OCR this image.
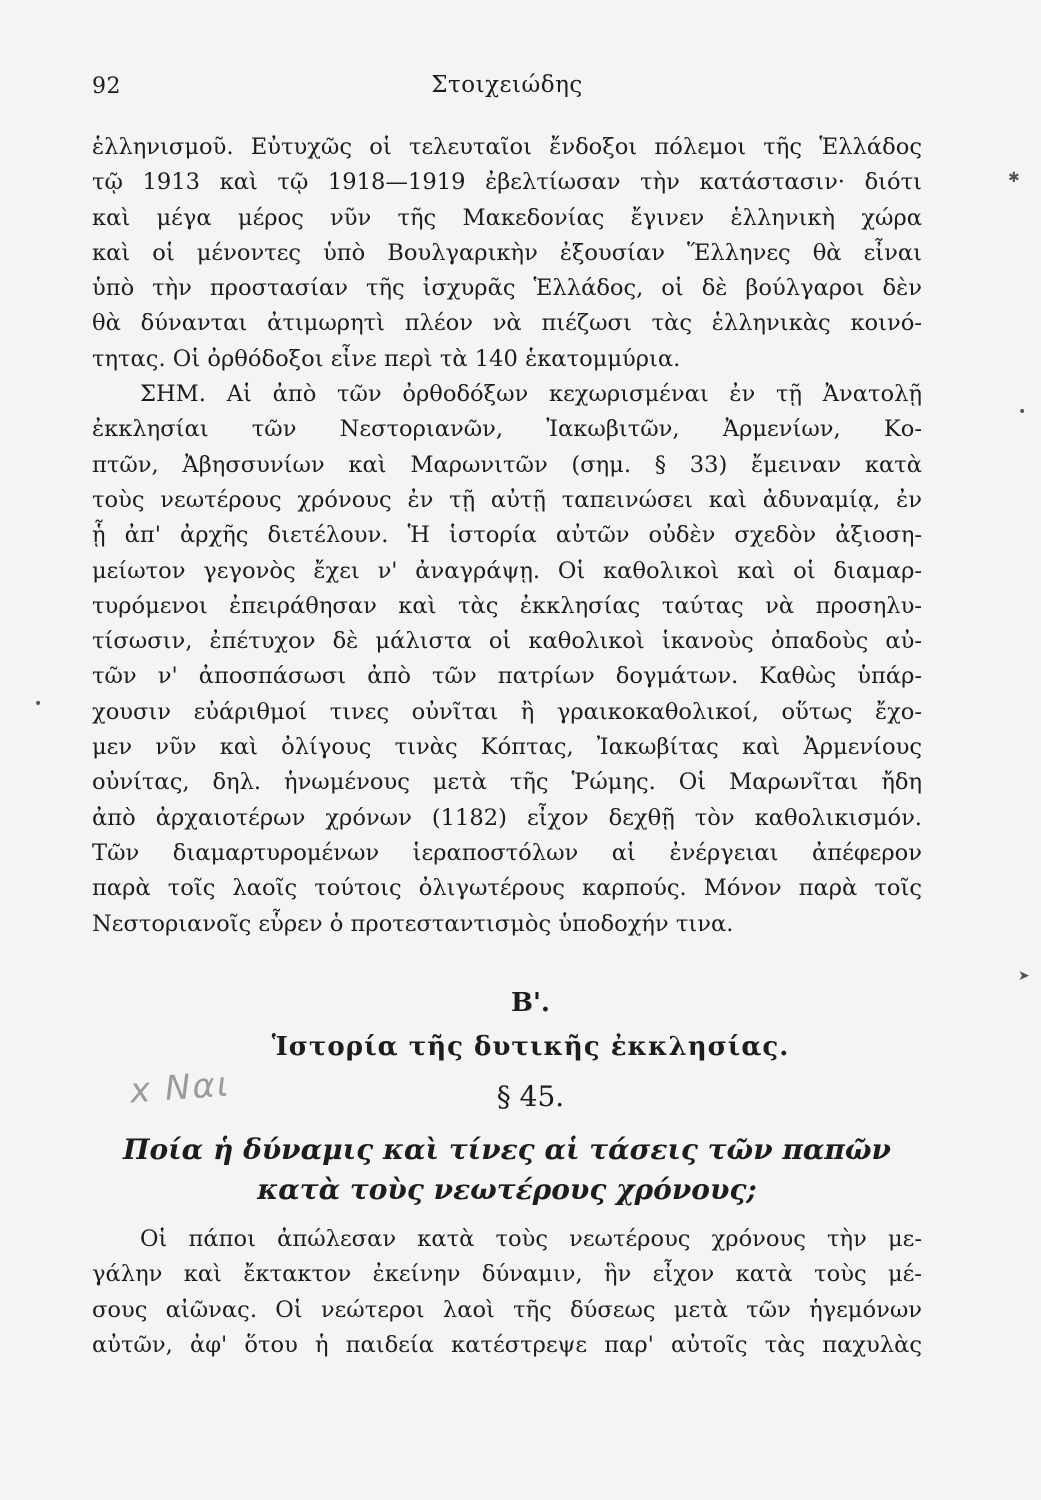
92	Στοιχειώδης
ἑλληνισμοῦ. Εὐτυχῶς οἱ τελευταῖοι ἔνδοξοι πόλεμοι τῆς Ἑλλάδος
τῷ 1913 καὶ τῷ 1918—1919 ἐβελτίωσαν τὴν κατάστασιν· διότι
καὶ μέγα μέρος νῦν τῆς Μακεδονίας ἔγινεν ἑλληνικὴ χώρα
καὶ οἱ μένοντες ὑπὸ Βουλγαρικὴν ἐξουσίαν Ἕλληνες θὰ εἶναι
ὑπὸ τὴν προστασίαν τῆς ἰσχυρᾶς Ἑλλάδος, οἱ δὲ βούλγαροι δὲν
θὰ δύνανται ἀτιμωρητὶ πλέον νὰ πιέζωσι τὰς ἑλληνικὰς κοινό-
τητας. Οἱ ὀρθόδοξοι εἶνε περὶ τὰ 140 ἑκατομμύρια.
ΣΗΜ. Αἱ ἀπὸ τῶν ὀρθοδόξων κεχωρισμέναι ἐν τῇ Ἀνατολῇ
ἐκκλησίαι τῶν Νεστοριανῶν, Ἰακωβιτῶν, Ἀρμενίων, Κο-
πτῶν, Ἀβησσυνίων καὶ Μαρωνιτῶν (σημ. § 33) ἔμειναν κατὰ
τοὺς νεωτέρους χρόνους ἐν τῇ αὐτῇ ταπεινώσει καὶ ἀδυναμίᾳ, ἐν
ᾗ ἀπ' ἀρχῆς διετέλουν. Ἡ ἱστορία αὐτῶν οὐδὲν σχεδὸν ἀξιοση-
μείωτον γεγονὸς ἔχει ν' ἀναγράψῃ. Οἱ καθολικοὶ καὶ οἱ διαμαρ-
τυρόμενοι ἐπειράθησαν καὶ τὰς ἐκκλησίας ταύτας νὰ προσηλυ-
τίσωσιν, ἐπέτυχον δὲ μάλιστα οἱ καθολικοὶ ἱκανοὺς ὀπαδοὺς αὐ-
τῶν ν' ἀποσπάσωσι ἀπὸ τῶν πατρίων δογμάτων. Καθὼς ὑπάρ-
χουσιν εὐάριθμοί τινες οὐνῖται ἢ γραικοκαθολικοί, οὕτως ἔχο-
μεν νῦν καὶ ὀλίγους τινὰς Κόπτας, Ἰακωβίτας καὶ Ἀρμενίους
οὐνίτας, δηλ. ἡνωμένους μετὰ τῆς Ῥώμης. Οἱ Μαρωνῖται ἤδη
ἀπὸ ἀρχαιοτέρων χρόνων (1182) εἶχον δεχθῇ τὸν καθολικισμόν.
Τῶν διαμαρτυρομένων ἱεραποστόλων αἱ ἐνέργειαι ἀπέφερον
παρὰ τοῖς λαοῖς τούτοις ὀλιγωτέρους καρπούς. Μόνον παρὰ τοῖς
Νεστοριανοῖς εὗρεν ὁ προτεσταντισμὸς ὑποδοχήν τινα.
Β'.
Ἱστορία τῆς δυτικῆς ἐκκλησίας.
x Ναι	§ 45.
Ποία ἡ δύναμις καὶ τίνες αἱ τάσεις τῶν παπῶν
κατὰ τοὺς νεωτέρους χρόνους;
Οἱ πάποι ἀπώλεσαν κατὰ τοὺς νεωτέρους χρόνους τὴν με-
γάλην καὶ ἔκτακτον ἐκείνην δύναμιν, ἣν εἶχον κατὰ τοὺς μέ-
σους αἰῶνας. Οἱ νεώτεροι λαοὶ τῆς δύσεως μετὰ τῶν ἡγεμόνων
αὐτῶν, ἀφ' ὅτου ἡ παιδεία κατέστρεψε παρ' αὐτοῖς τὰς παχυλὰς
✱
•
•
➤
